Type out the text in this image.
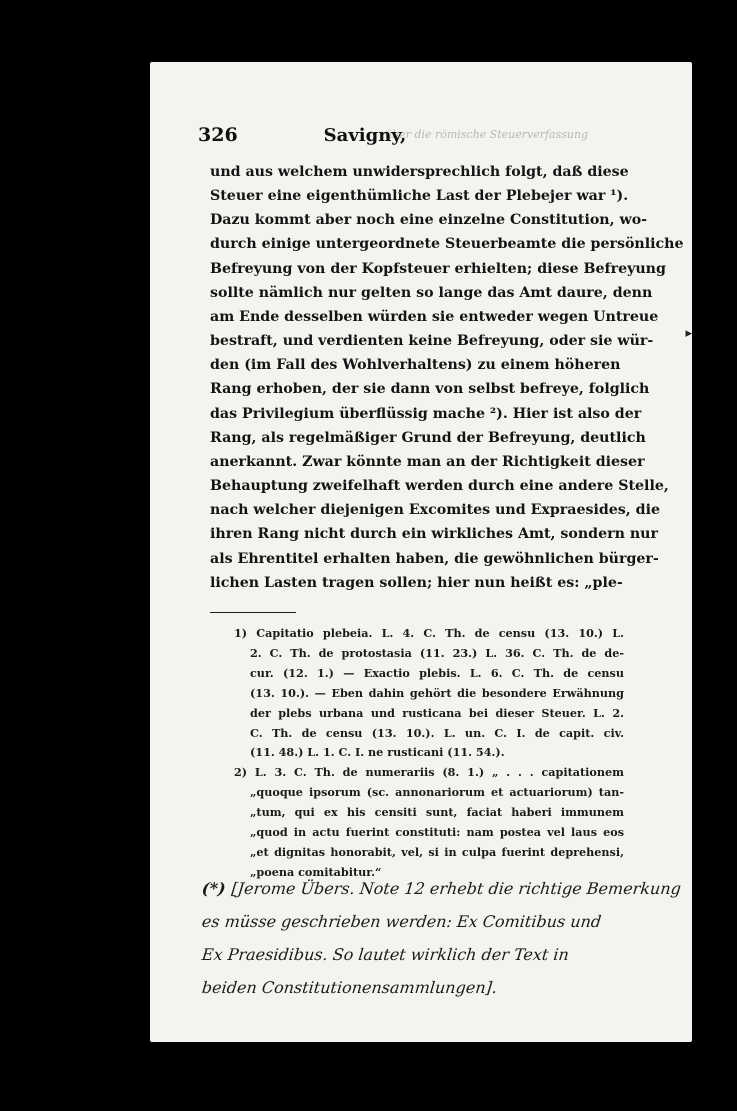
über die römische Steuerverfassung
326	Savigny,
und aus welchem unwidersprechlich folgt, daß diese
Steuer eine eigenthümliche Last der Plebejer war ¹).
Dazu kommt aber noch eine einzelne Constitution, wo-
durch einige untergeordnete Steuerbeamte die persönliche
Befreyung von der Kopfsteuer erhielten; diese Befreyung
sollte nämlich nur gelten so lange das Amt daure, denn
am Ende desselben würden sie entweder wegen Untreue
bestraft, und verdienten keine Befreyung, oder sie wür-
den (im Fall des Wohlverhaltens) zu einem höheren
Rang erhoben, der sie dann von selbst befreye, folglich
das Privilegium überflüssig mache ²). Hier ist also der
Rang, als regelmäßiger Grund der Befreyung, deutlich
anerkannt. Zwar könnte man an der Richtigkeit dieser
Behauptung zweifelhaft werden durch eine andere Stelle,
nach welcher diejenigen Excomites und Expraesides, die
ihren Rang nicht durch ein wirkliches Amt, sondern nur
als Ehrentitel erhalten haben, die gewöhnlichen bürger-
lichen Lasten tragen sollen; hier nun heißt es: „ple-
1) Capitatio plebeia. L. 4. C. Th. de censu (13. 10.) L.
2. C. Th. de protostasia (11. 23.) L. 36. C. Th. de de-
cur. (12. 1.) — Exactio plebis. L. 6. C. Th. de censu
(13. 10.). — Eben dahin gehört die besondere Erwähnung
der plebs urbana und rusticana bei dieser Steuer. L. 2.
C. Th. de censu (13. 10.). L. un. C. I. de capit. civ.
(11. 48.) L. 1. C. I. ne rusticani (11. 54.).
2) L. 3. C. Th. de numerariis (8. 1.) „ . . . capitationem
„quoque ipsorum (sc. annonariorum et actuariorum) tan-
„tum, qui ex his censiti sunt, faciat haberi immunem
„quod in actu fuerint constituti: nam postea vel laus eos
„et dignitas honorabit, vel, si in culpa fuerint deprehensi,
„poena comitabitur.“
(*) [Jerome Übers. Note 12 erhebt die richtige Bemerkung
es müsse geschrieben werden: Ex Comitibus und
Ex Praesidibus. So lautet wirklich der Text in
beiden Constitutionensammlungen].
▸
